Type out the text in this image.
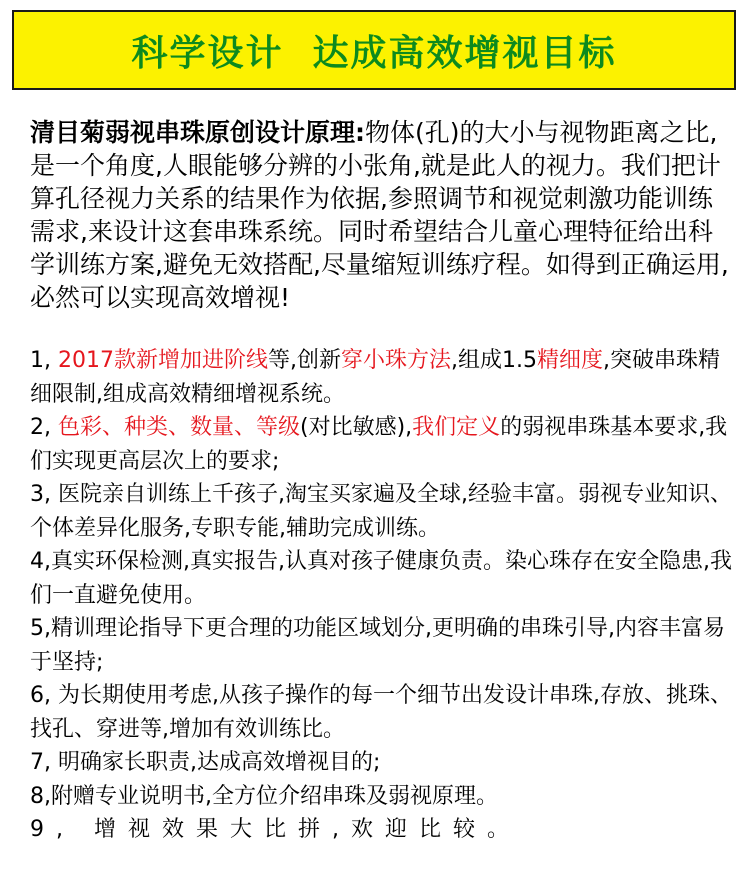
科学设计  达成高效增视目标
清目菊弱视串珠原创设计原理:物体(孔)的大小与视物距离之比,是一个角度,人眼能够分辨的小张角,就是此人的视力。我们把计算孔径视力关系的结果作为依据,参照调节和视觉刺激功能训练需求,来设计这套串珠系统。同时希望结合儿童心理特征给出科学训练方案,避免无效搭配,尽量缩短训练疗程。如得到正确运用,必然可以实现高效增视!
1, 2017款新增加进阶线等,创新穿小珠方法,组成1.5精细度,突破串珠精细限制,组成高效精细增视系统。
2, 色彩、种类、数量、等级(对比敏感),我们定义的弱视串珠基本要求,我们实现更高层次上的要求;
3, 医院亲自训练上千孩子,淘宝买家遍及全球,经验丰富。弱视专业知识、个体差异化服务,专职专能,辅助完成训练。
4,真实环保检测,真实报告,认真对孩子健康负责。染心珠存在安全隐患,我们一直避免使用。
5,精训理论指导下更合理的功能区域划分,更明确的串珠引导,内容丰富易于坚持;
6, 为长期使用考虑,从孩子操作的每一个细节出发设计串珠,存放、挑珠、找孔、穿进等,增加有效训练比。
7, 明确家长职责,达成高效增视目的;
8,附赠专业说明书,全方位介绍串珠及弱视原理。
9, 增视效果大比拼,欢迎比较。
